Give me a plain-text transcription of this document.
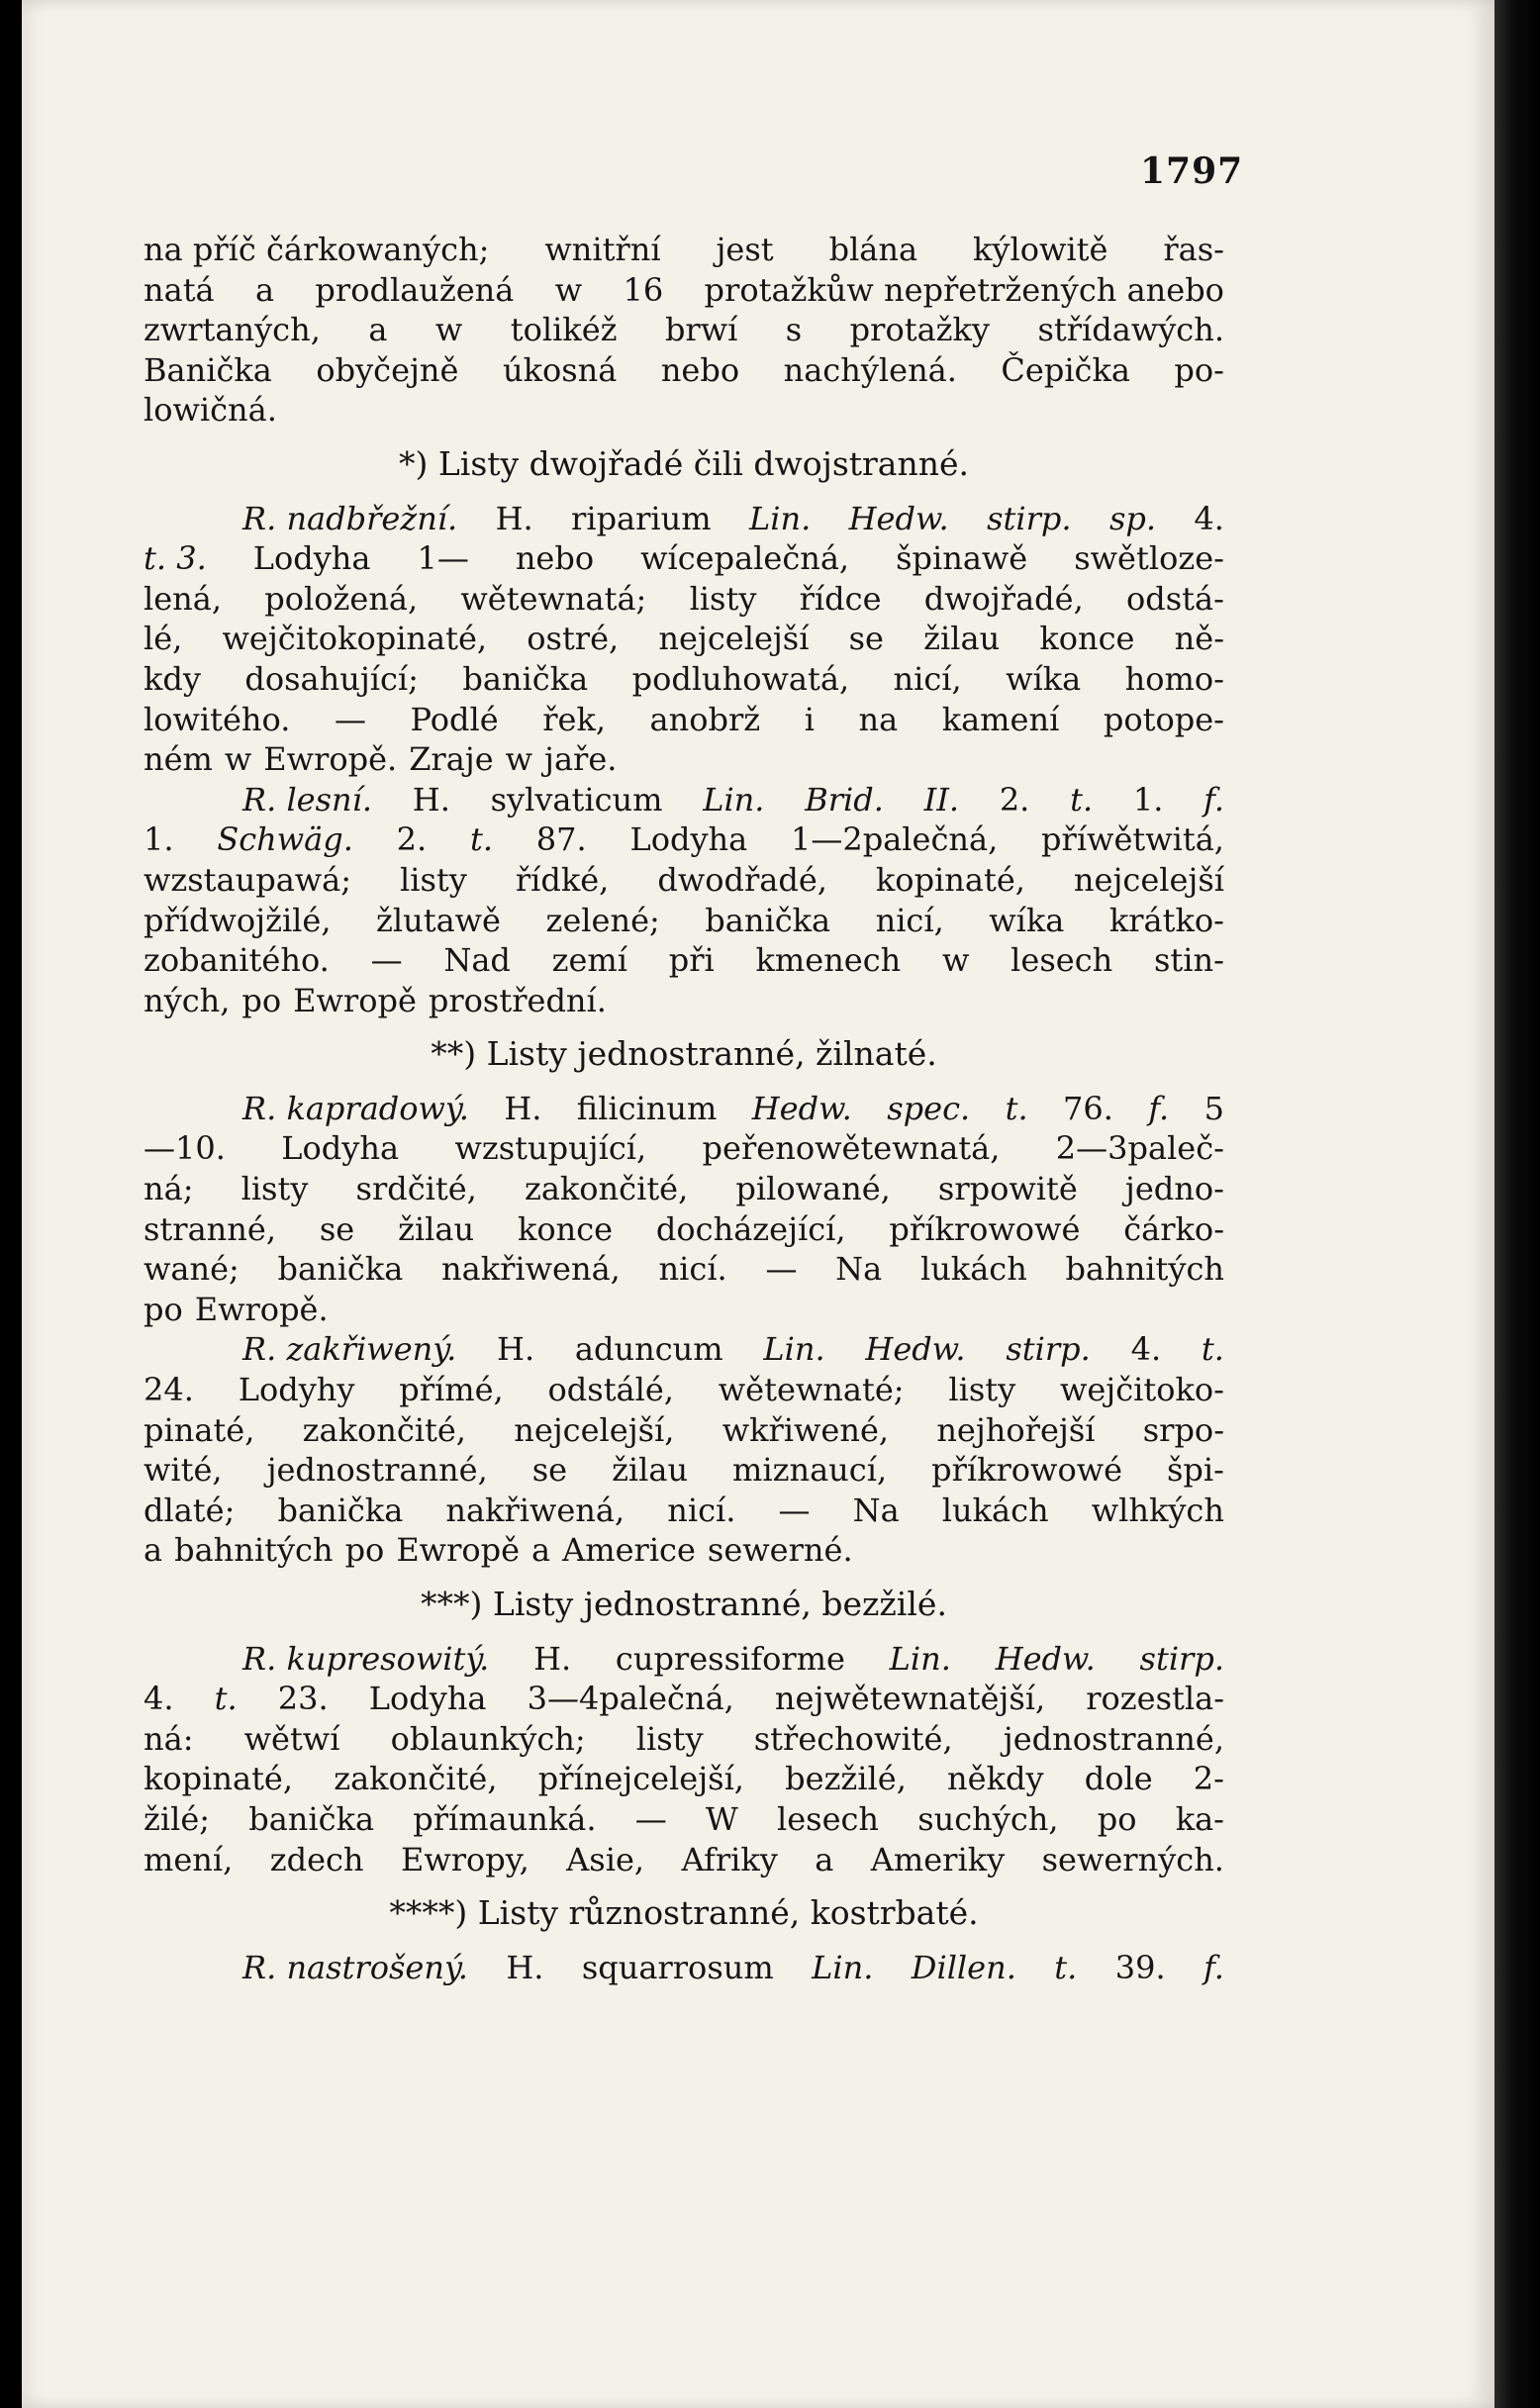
1797
na příč čárkowaných; wnitřní jest blána kýlowitě řas-
natá a prodlaužená w 16 protažkůw nepřetržených anebo
zwrtaných, a w tolikéž brwí s protažky střídawých.
Banička obyčejně úkosná nebo nachýlená. Čepička po-
lowičná.
*) Listy dwojřadé čili dwojstranné.
R. nadbřežní. H. riparium Lin. Hedw. stirp. sp. 4.
t. 3. Lodyha 1— nebo wícepalečná, špinawě swětloze-
lená, položená, wětewnatá; listy řídce dwojřadé, odstá-
lé, wejčitokopinaté, ostré, nejcelejší se žilau konce ně-
kdy dosahující; banička podluhowatá, nicí, wíka homo-
lowitého. — Podlé řek, anobrž i na kamení potope-
ném w Ewropě. Zraje w jaře.
R. lesní. H. sylvaticum Lin. Brid. II. 2. t. 1. f.
1. Schwäg. 2. t. 87. Lodyha 1—2palečná, příwětwitá,
wzstaupawá; listy řídké, dwodřadé, kopinaté, nejcelejší
přídwojžilé, žlutawě zelené; banička nicí, wíka krátko-
zobanitého. — Nad zemí při kmenech w lesech stin-
ných, po Ewropě prostřední.
**) Listy jednostranné, žilnaté.
R. kapradowý. H. filicinum Hedw. spec. t. 76. f. 5
—10. Lodyha wzstupující, peřenowětewnatá, 2—3paleč-
ná; listy srdčité, zakončité, pilowané, srpowitě jedno-
stranné, se žilau konce docházející, příkrowowé čárko-
wané; banička nakřiwená, nicí. — Na lukách bahnitých
po Ewropě.
R. zakřiwený. H. aduncum Lin. Hedw. stirp. 4. t.
24. Lodyhy přímé, odstálé, wětewnaté; listy wejčitoko-
pinaté, zakončité, nejcelejší, wkřiwené, nejhořejší srpo-
wité, jednostranné, se žilau miznaucí, příkrowowé špi-
dlaté; banička nakřiwená, nicí. — Na lukách wlhkých
a bahnitých po Ewropě a Americe sewerné.
***) Listy jednostranné, bezžilé.
R. kupresowitý. H. cupressiforme Lin. Hedw. stirp.
4. t. 23. Lodyha 3—4palečná, nejwětewnatější, rozestla-
ná: wětwí oblaunkých; listy střechowité, jednostranné,
kopinaté, zakončité, přínejcelejší, bezžilé, někdy dole 2-
žilé; banička přímaunká. — W lesech suchých, po ka-
mení, zdech Ewropy, Asie, Afriky a Ameriky sewerných.
****) Listy různostranné, kostrbaté.
R. nastrošený. H. squarrosum Lin. Dillen. t. 39. f.
